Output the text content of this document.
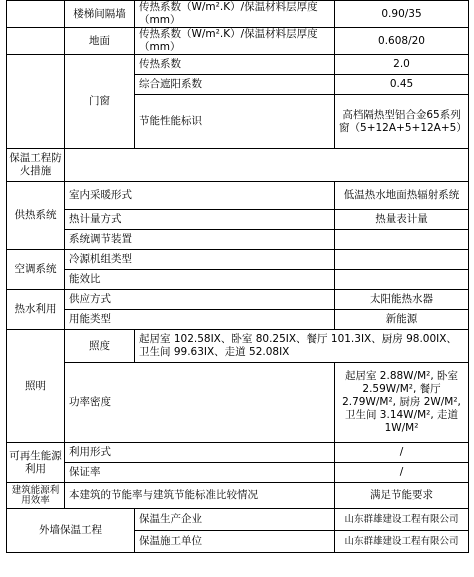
	楼梯间隔墙	传热系数（W/m².K）/保温材料层厚度（mm）	0.90/35
	地面	传热系数（W/m².K）/保温材料层厚度（mm）	0.608/20
	门窗	传热系数	2.0
		综合遮阳系数	0.45
		节能性能标识	高档隔热型铝合金65系列窗（5+12A+5+12A+5）
保温工程防火措施			
供热系统	室内采暖形式		低温热水地面热辐射系统
	热计量方式		热量表计量
	系统调节装置		
空调系统	冷源机组类型		
	能效比		
热水利用	供应方式		太阳能热水器
	用能类型		新能源
照明	照度	起居室 102.58IX、卧室 80.25IX、餐厅 101.3IX、厨房 98.00IX、卫生间 99.63IX、走道 52.08IX	
	功率密度		起居室 2.88W/M², 卧室
2.59W/M², 餐厅
2.79W/M², 厨房 2W/M²,
卫生间 3.14W/M², 走道
1W/M²

可再生能源利用	利用形式		/
	保证率		/
建筑能源利用效率	本建筑的节能率与建筑节能标准比较情况		满足节能要求
外墙保温工程		保温生产企业	山东群雄建设工程有限公司
		保温施工单位	山东群雄建设工程有限公司
